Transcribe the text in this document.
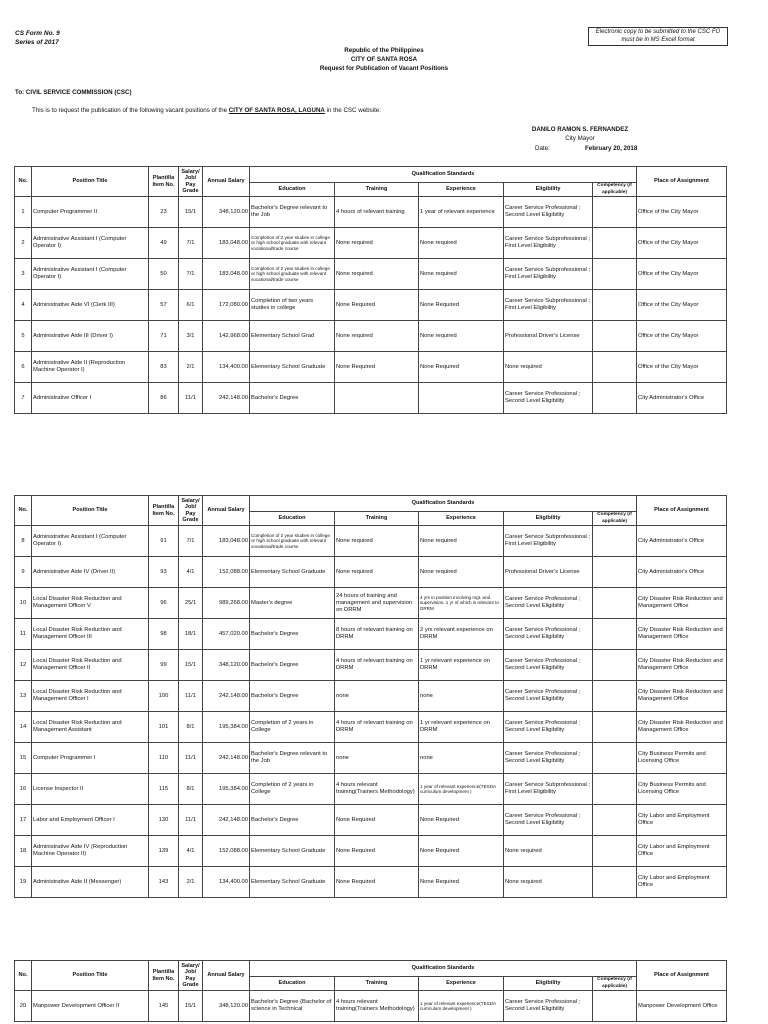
CS Form No. 9
Series of 2017
Electronic copy to be submitted to the CSC FO must be in MS Excel format
Republic of the Philippines
CITY OF SANTA ROSA
Request for Publication of Vacant Positions
To: CIVIL SERVICE COMMISSION (CSC)
This is to request the publication of the following vacant positions of the CITY OF SANTA ROSA, LAGUNA in the CSC website:
DANILO RAMON S. FERNANDEZ
City Mayor
Date:	February 20, 2018
No.	Position Title	Plantilla Item No.	Salary/ Job/ Pay Grade	Annual Salary	Qualification Standards					Place of Assignment
					Education	Training	Experience	Eligibility	Competency (if applicable)	
1	Computer Programmer II	23	15/1	348,120.00	Bachelor's Degree relevant to the Job	4 hours of relevant training	1 year of relevant experience	Career Service Professional ; Second Level Eligibility		Office of the City Mayor
2	Administrative Assistant I (Computer Operator I)	49	7/1	183,048.00	Completion of 2 year studies in college or high school graduate with relevant vocational/trade course	None required	None required	Career Service Subprofessional ; First Level Eligibility		Office of the City Mayor
3	Administrative Assistant I (Computer Operator I)	50	7/1	183,048.00	Completion of 2 year studies in college or high school graduate with relevant vocational/trade course	None required	None required	Career Service Subprofessional ; First Level Eligibility		Office of the City Mayor
4	Administrative Aide VI (Clerk III)	57	6/1	172,080.00	Completion of two years studies in college	None Required	None Required	Career Service Subprofessional ; First Level Eligibility		Office of the City Mayor
5	Administrative Aide III (Driver I)	71	3/1	142,968.00	Elementary School Grad	None required	None required	Professional Driver's License		Office of the City Mayor
6	Administrative Aide II (Reproduction Machine Operator I)	83	2/1	134,400.00	Elementary School Graduate	None Required	None Required	None required		Office of the City Mayor
7	Administrative Officer I	86	11/1	242,148.00	Bachelor's Degree			Career Service Professional ; Second Level Eligibility		City Administrator's Office
No.	Position Title	Plantilla Item No.	Salary/ Job/ Pay Grade	Annual Salary	Qualification Standards					Place of Assignment
					Education	Training	Experience	Eligibility	Competency (if applicable)	
8	Administrative Assistant I (Computer Operator I)	91	7/1	183,048.00	Completion of 2 year studies in college or high school graduate with relevant vocational/trade course	None required	None required	Career Service Subprofessional ; First Level Eligibility		City Administrator's Office
9	Administrative Aide IV (Driver II)	93	4/1	152,088.00	Elementary School Graduate	None required	None required	Professional Driver's License		City Administrator's Office
10	Local Disaster Risk Reduction and Management Officer V	96	25/1	989,268.00	Master's degree	24 hours of training and management and supervision on DRRM	4 yrs in position involving mgt. and supervision, 1 yr of which is relevant to DRRM	Career Service Professional ; Second Level Eligibility		City Disaster Risk Reduction and Management Office
11	Local Disaster Risk Reduction and Management Officer III	98	18/1	457,020.00	Bachelor's Degree	8 hours of relevant training on DRRM	2 yrs relevant experience on DRRM	Career Service Professional ; Second Level Eligibility		City Disaster Risk Reduction and Management Office
12	Local Disaster Risk Reduction and Management Officer II	99	15/1	348,120.00	Bachelor's Degree	4 hours of relevant training on DRRM	1 yr relevant experience on DRRM	Career Service Professional ; Second Level Eligibility		City Disaster Risk Reduction and Management Office
13	Local Disaster Risk Reduction and Management Officer I	100	11/1	242,148.00	Bachelor's Degree	none	none	Career Service Professional ; Second Level Eligibility		City Disaster Risk Reduction and Management Office
14	Local Disaster Risk Reduction and Management Assistant	101	8/1	195,384.00	Completion of 2 years in College	4 hours of relevant training on DRRM	1 yr relevant experience on DRRM	Career Service Professional ; Second Level Eligibility		City Disaster Risk Reduction and Management Office
15	Computer Programmer I	110	11/1	242,148.00	Bachelor's Degree relevant to the Job	none	none	Career Service Professional ; Second Level Eligibility		City Business Permits and Licensing Office
16	License Inspector II	115	8/1	195,384.00	Completion of 2 years in College	4 hours relevant training(Trainers Methodology)	1 year of relevant experience(TESDA curriculum development )	Career Service Subprofessional ; First Level Eligibility		City Business Permits and Licensing Office
17	Labor and Employment Officer I	130	11/1	242,148.00	Bachelor's Degree	None Required	None Required	Career Service Professional ; Second Level Eligibility		City Labor and Employment Office
18	Administrative Aide IV (Reproduction Machine Operator II)	139	4/1	152,088.00	Elementary School Graduate	None Required	None Required	None required		City Labor and Employment Office
19	Administrative Aide II (Messenger)	143	2/1	134,400.00	Elementary School Graduate	None Required	None Required	None required		City Labor and Employment Office
No.	Position Title	Plantilla Item No.	Salary/ Job/ Pay Grade	Annual Salary	Qualification Standards					Place of Assignment
					Education	Training	Experience	Eligibility	Competency (if applicable)	
20	Manpower Development Officer II	145	15/1	348,120.00	Bachelor's Degree (Bachelor of science in Technical	4 hours relevant training(Trainers Methodology)	1 year of relevant experience(TESDA curriculum development )	Career Service Professional ; Second Level Eligibility		Manpower Development Office
